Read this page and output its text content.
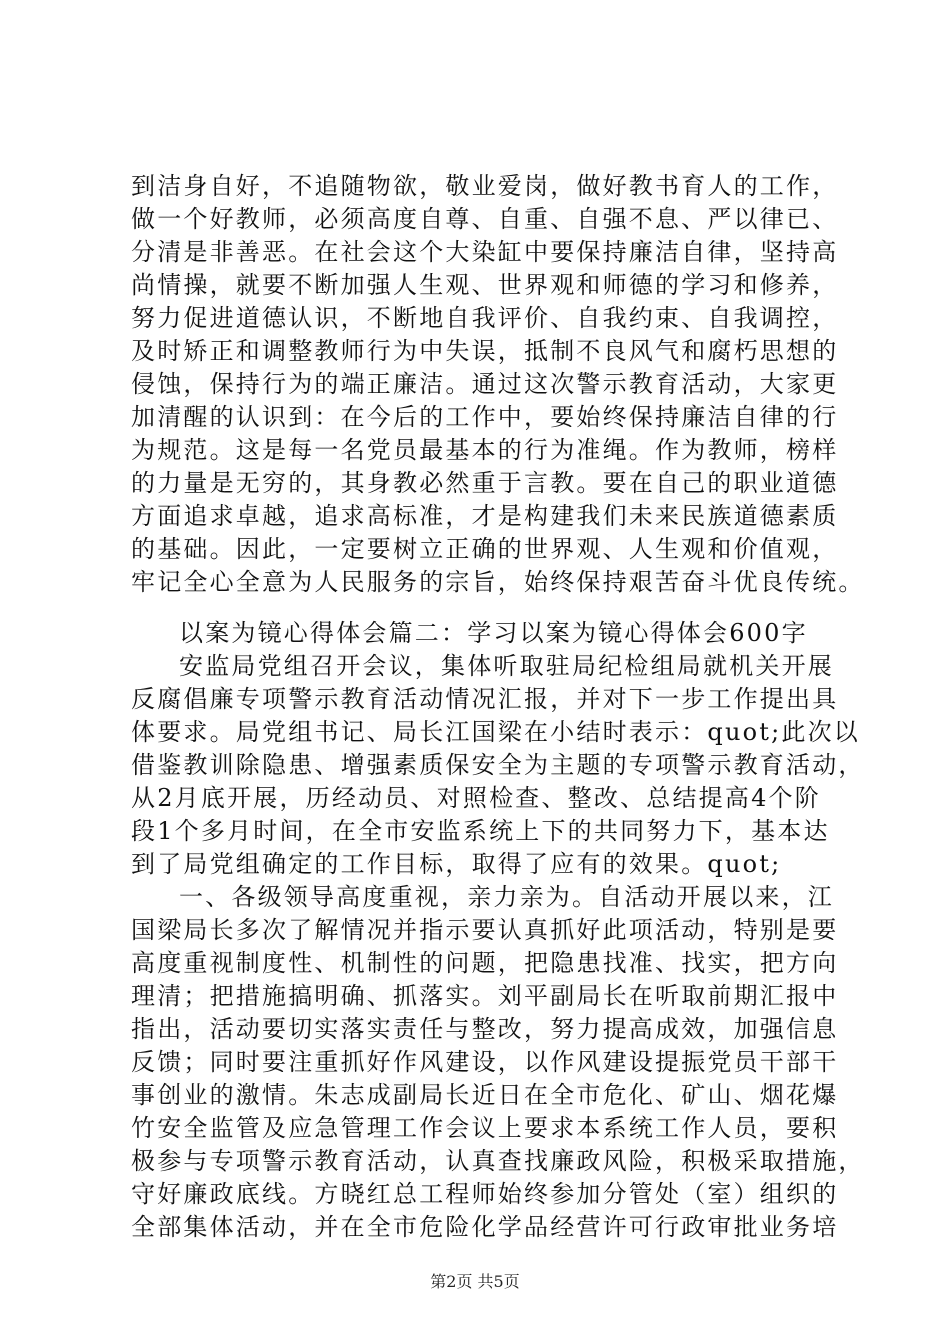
到洁身自好，不追随物欲，敬业爱岗，做好教书育人的工作，
做一个好教师，必须高度自尊、自重、自强不息、严以律已、
分清是非善恶。在社会这个大染缸中要保持廉洁自律，坚持高
尚情操，就要不断加强人生观、世界观和师德的学习和修养，
努力促进道德认识，不断地自我评价、自我约束、自我调控，
及时矫正和调整教师行为中失误，抵制不良风气和腐朽思想的
侵蚀，保持行为的端正廉洁。通过这次警示教育活动，大家更
加清醒的认识到：在今后的工作中，要始终保持廉洁自律的行
为规范。这是每一名党员最基本的行为准绳。作为教师，榜样
的力量是无穷的，其身教必然重于言教。要在自己的职业道德
方面追求卓越，追求高标准，才是构建我们未来民族道德素质
的基础。因此，一定要树立正确的世界观、人生观和价值观，
牢记全心全意为人民服务的宗旨，始终保持艰苦奋斗优良传统。
以案为镜心得体会篇二：学习以案为镜心得体会600字
安监局党组召开会议，集体听取驻局纪检组局就机关开展
反腐倡廉专项警示教育活动情况汇报，并对下一步工作提出具
体要求。局党组书记、局长江国梁在小结时表示：quot;此次以
借鉴教训除隐患、增强素质保安全为主题的专项警示教育活动，
从2月底开展，历经动员、对照检查、整改、总结提高4个阶
段1个多月时间，在全市安监系统上下的共同努力下，基本达
到了局党组确定的工作目标，取得了应有的效果。quot;
一、各级领导高度重视，亲力亲为。自活动开展以来，江
国梁局长多次了解情况并指示要认真抓好此项活动，特别是要
高度重视制度性、机制性的问题，把隐患找准、找实，把方向
理清；把措施搞明确、抓落实。刘平副局长在听取前期汇报中
指出，活动要切实落实责任与整改，努力提高成效，加强信息
反馈；同时要注重抓好作风建设，以作风建设提振党员干部干
事创业的激情。朱志成副局长近日在全市危化、矿山、烟花爆
竹安全监管及应急管理工作会议上要求本系统工作人员，要积
极参与专项警示教育活动，认真查找廉政风险，积极采取措施，
守好廉政底线。方晓红总工程师始终参加分管处（室）组织的
全部集体活动，并在全市危险化学品经营许可行政审批业务培
第2页 共5页
